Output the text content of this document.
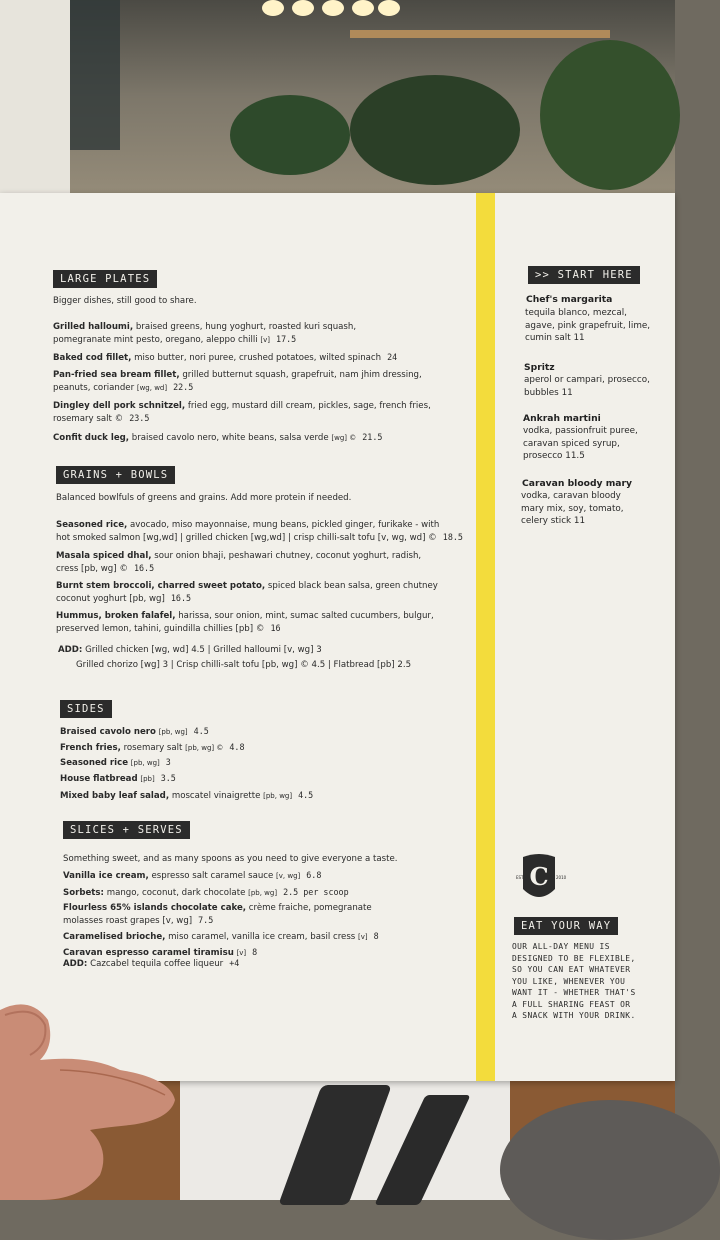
LARGE PLATES
Bigger dishes, still good to share.
Grilled halloumi, braised greens, hung yoghurt, roasted kuri squash,
pomegranate mint pesto, oregano, aleppo chilli [v] 17.5
Baked cod fillet, miso butter, nori puree, crushed potatoes, wilted spinach 24
Pan-fried sea bream fillet, grilled butternut squash, grapefruit, nam jhim dressing,
peanuts, coriander [wg, wd] 22.5
Dingley dell pork schnitzel, fried egg, mustard dill cream, pickles, sage, french fries,
rosemary salt © 23.5
Confit duck leg, braised cavolo nero, white beans, salsa verde [wg] © 21.5
GRAINS + BOWLS
Balanced bowlfuls of greens and grains. Add more protein if needed.
Seasoned rice, avocado, miso mayonnaise, mung beans, pickled ginger, furikake - with
hot smoked salmon [wg,wd] | grilled chicken [wg,wd] | crisp chilli-salt tofu [v, wg, wd] © 18.5
Masala spiced dhal, sour onion bhaji, peshawari chutney, coconut yoghurt, radish,
cress [pb, wg] © 16.5
Burnt stem broccoli, charred sweet potato, spiced black bean salsa, green chutney
coconut yoghurt [pb, wg] 16.5
Hummus, broken falafel, harissa, sour onion, mint, sumac salted cucumbers, bulgur,
preserved lemon, tahini, guindilla chillies [pb] © 16
ADD: Grilled chicken [wg, wd] 4.5 | Grilled halloumi [v, wg] 3
Grilled chorizo [wg] 3 | Crisp chilli-salt tofu [pb, wg] © 4.5 | Flatbread [pb] 2.5
SIDES
Braised cavolo nero [pb, wg] 4.5
French fries, rosemary salt [pb, wg] © 4.8
Seasoned rice [pb, wg] 3
House flatbread [pb] 3.5
Mixed baby leaf salad, moscatel vinaigrette [pb, wg] 4.5
SLICES + SERVES
Something sweet, and as many spoons as you need to give everyone a taste.
Vanilla ice cream, espresso salt caramel sauce [v, wg] 6.8
Sorbets: mango, coconut, dark chocolate [pb, wg] 2.5 per scoop
Flourless 65% islands chocolate cake, crème fraiche, pomegranate
molasses roast grapes [v, wg] 7.5
Caramelised brioche, miso caramel, vanilla ice cream, basil cress [v] 8
Caravan espresso caramel tiramisu [v] 8
ADD: Cazcabel tequila coffee liqueur +4
>> START HERE
Chef's margarita
tequila blanco, mezcal,
agave, pink grapefruit, lime,
cumin salt 11
Spritz
aperol or campari, prosecco,
bubbles 11
Ankrah martini
vodka, passionfruit puree,
caravan spiced syrup,
prosecco 11.5
Caravan bloody mary
vodka, caravan bloody
mary mix, soy, tomato,
celery stick 11
C
EST.	2010
EAT YOUR WAY
OUR ALL-DAY MENU IS
DESIGNED TO BE FLEXIBLE,
SO YOU CAN EAT WHATEVER
YOU LIKE, WHENEVER YOU
WANT IT - WHETHER THAT'S
A FULL SHARING FEAST OR
A SNACK WITH YOUR DRINK.
